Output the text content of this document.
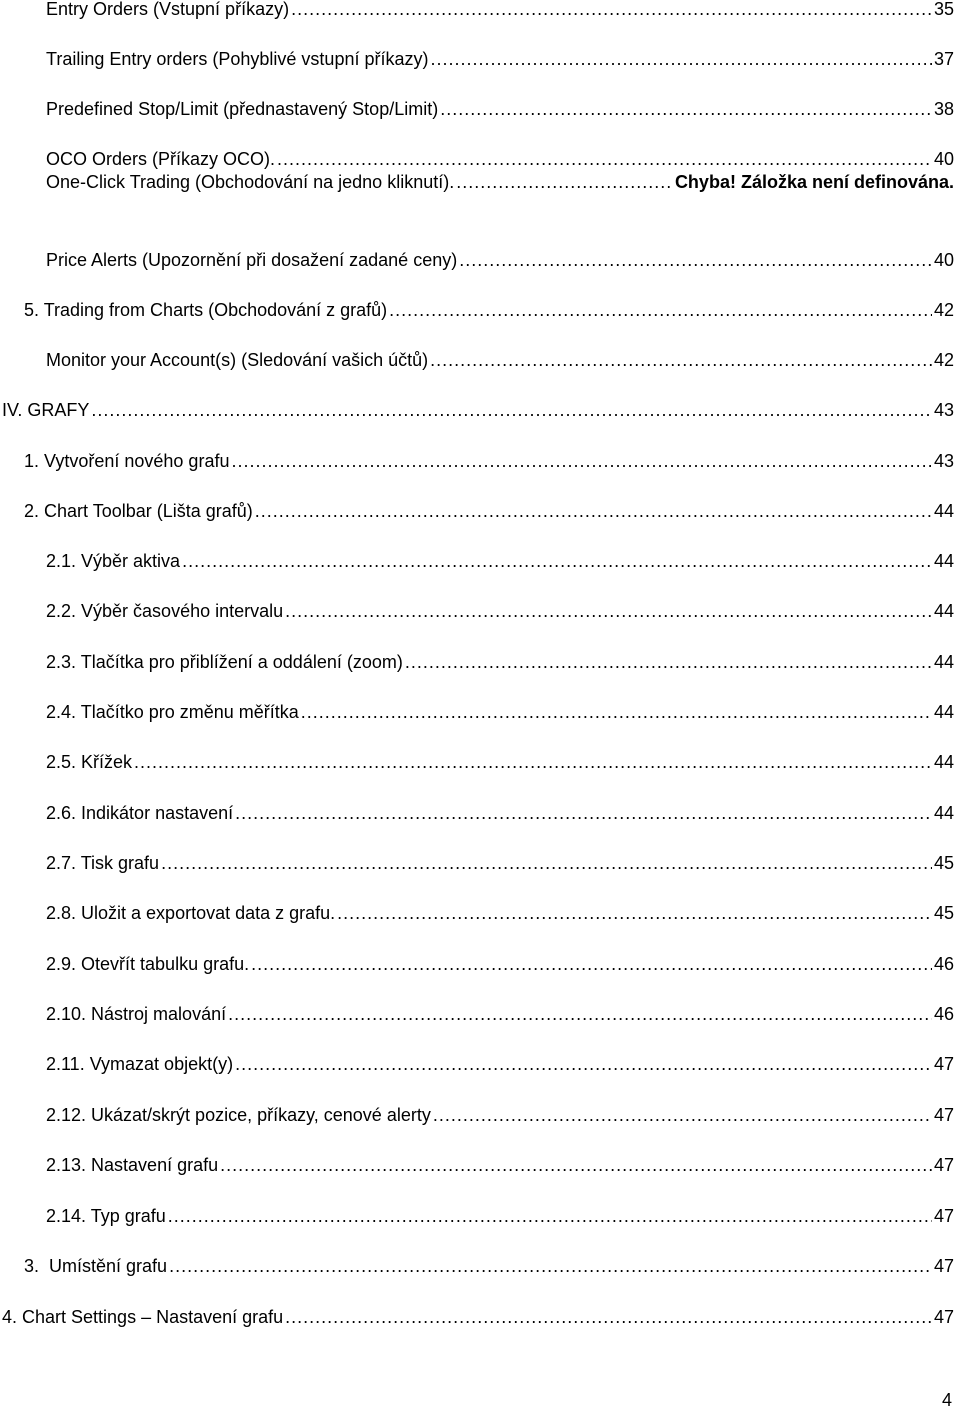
Entry Orders (Vstupní příkazy) .....	35
Trailing Entry orders (Pohyblivé vstupní příkazy) .....	37
Predefined Stop/Limit (přednastavený Stop/Limit) .....	38
OCO Orders (Příkazy OCO). .....	40
One-Click Trading (Obchodování na jedno kliknutí). .....	Chyba! Záložka není definována.
Price Alerts (Upozornění při dosažení zadané ceny) .....	40
5. Trading from Charts (Obchodování z grafů) .....	42
Monitor your Account(s) (Sledování vašich účtů) .....	42
IV. GRAFY .....	43
1. Vytvoření nového grafu .....	43
2. Chart Toolbar (Lišta grafů) .....	44
2.1. Výběr aktiva .....	44
2.2. Výběr časového intervalu .....	44
2.3. Tlačítka pro přiblížení a oddálení (zoom) .....	44
2.4. Tlačítko pro změnu měřítka .....	44
2.5. Křížek .....	44
2.6. Indikátor nastavení .....	44
2.7. Tisk grafu .....	45
2.8. Uložit a exportovat data z grafu. .....	45
2.9. Otevřít tabulku grafu. .....	46
2.10. Nástroj malování .....	46
2.11. Vymazat objekt(y) .....	47
2.12. Ukázat/skrýt pozice, příkazy, cenové alerty .....	47
2.13. Nastavení grafu .....	47
2.14. Typ grafu .....	47
3.  Umístění grafu .....	47
4. Chart Settings – Nastavení grafu .....	47
4
